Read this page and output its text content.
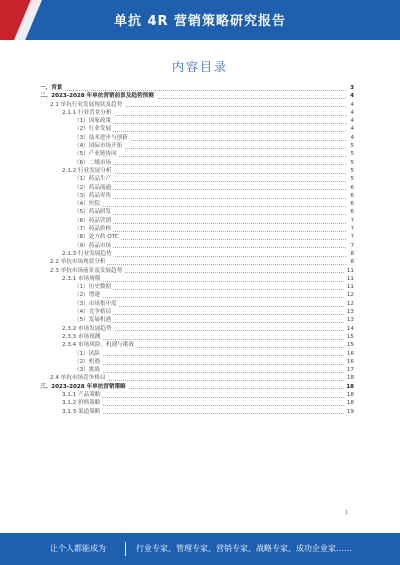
单抗 4R 营销策略研究报告
内容目录
一、背景	3
二、2023-2028 年单抗营销前景及趋势预测	4
2.1 单抗行业发展现状及趋势	4
2.1.1 行业背景分析	4
（1）国家政策	4
（2）行业发展	4
（3）技术进步与创新	4
（4）国际市场开拓	5
（5）产业链协同	5
（6）二级市场	5
2.1.2 行业发展分析	5
（1）药品生产	5
（2）药品流通	6
（3）药品零售	6
（4）医院	6
（5）药品研发	6
（6）药品营销	7
（7）药品价格	7
（8）处方药 OTC	7
（9）药品市场	7
2.1.3 行业发展趋势	8
2.2 单抗市场现状分析	8
2.3 单抗市场前景及发展趋势	11
2.3.1 市场规模	11
（1）历史数据	11
（2）增速	12
（3）市场集中度	12
（4）竞争格局	13
（5）发展机遇	13
2.3.2 市场发展趋势	14
2.3.3 市场预测	15
2.3.4 市场风险、机遇与挑战	15
（1）风险	16
（2）机遇	16
（3）挑战	17
2.4 单抗市场竞争格局	18
三、2023-2028 年单抗营销策略	18
3.1.1 产品策略	18
3.1.2 价格策略	18
3.1.3 渠道策略	19
1
让个人都能成为	行业专家、管理专家、营销专家、战略专家、成功企业家……
